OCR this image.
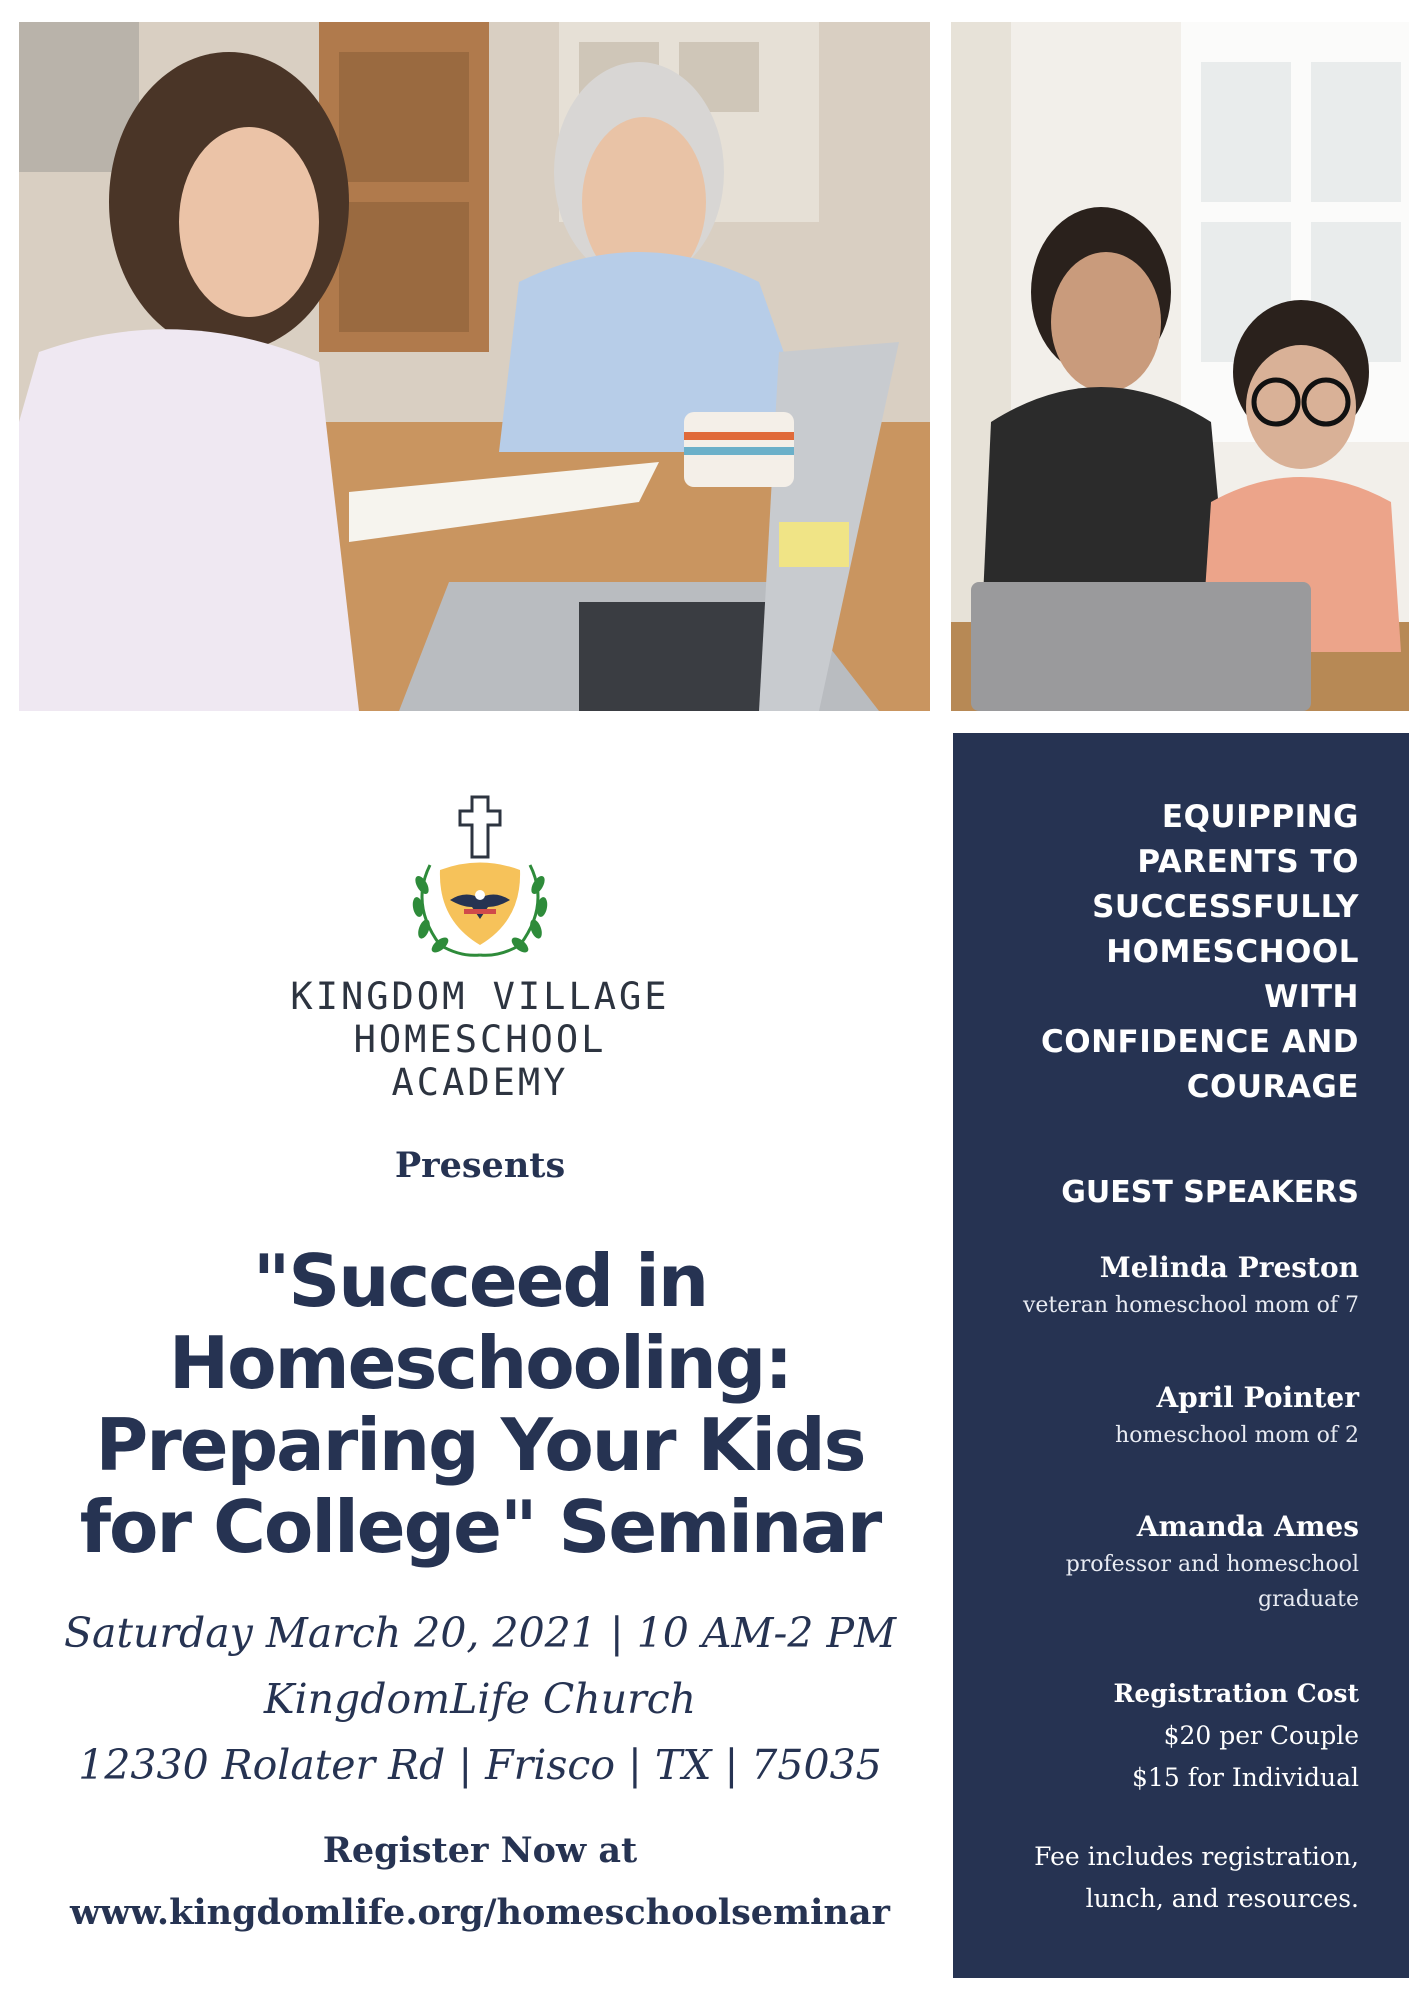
KINGDOM VILLAGE
HOMESCHOOL
ACADEMY
Presents
"Succeed in
Homeschooling:
Preparing Your Kids
for College" Seminar
Saturday March 20, 2021 | 10 AM-2 PM
KingdomLife Church
12330 Rolater Rd | Frisco | TX | 75035
Register Now at
www.kingdomlife.org/homeschoolseminar
EQUIPPING
PARENTS TO
SUCCESSFULLY
HOMESCHOOL
WITH
CONFIDENCE AND
COURAGE
GUEST SPEAKERS
Melinda Preston
veteran homeschool mom of 7
April Pointer
homeschool mom of 2
Amanda Ames
professor and homeschool graduate
Registration Cost
$20 per Couple
$15 for Individual
Fee includes registration,
lunch, and resources.
